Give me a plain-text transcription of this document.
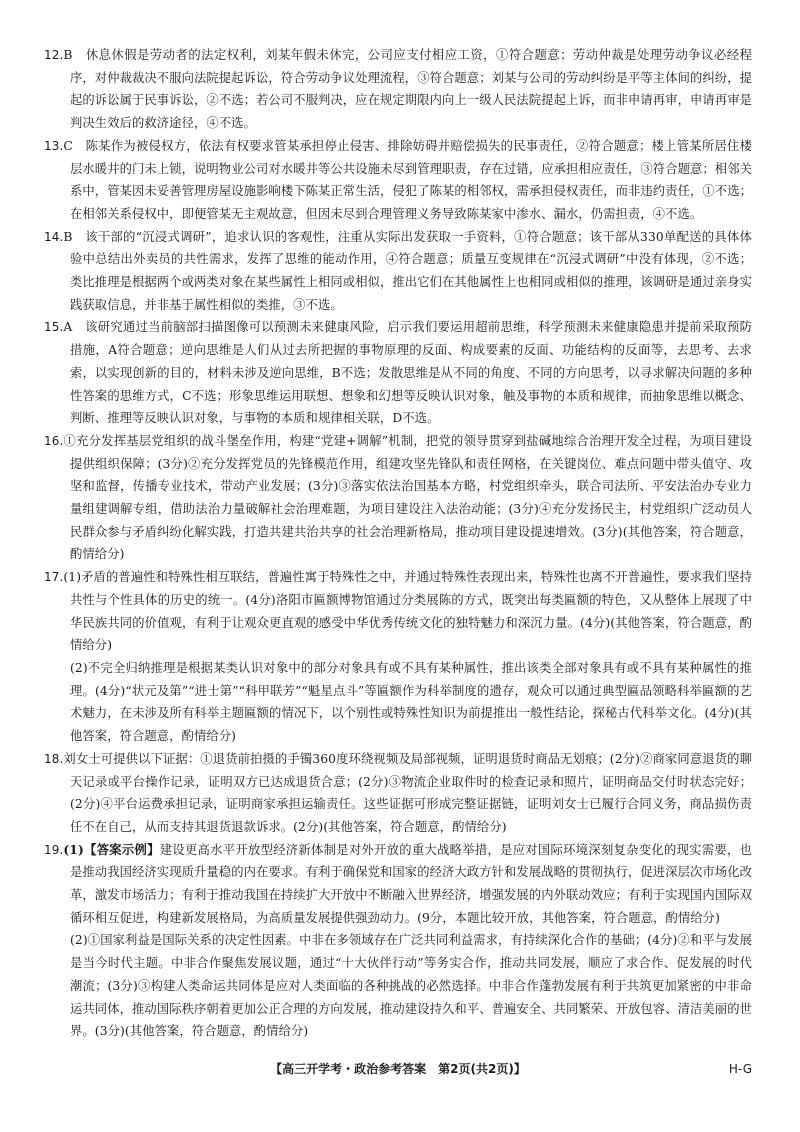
12.B　休息休假是劳动者的法定权利，刘某年假未休完，公司应支付相应工资，①符合题意；劳动仲裁是处理劳动争议必经程序，对仲裁裁决不服向法院提起诉讼，符合劳动争议处理流程，③符合题意；刘某与公司的劳动纠纷是平等主体间的纠纷，提起的诉讼属于民事诉讼，②不选；若公司不服判决，应在规定期限内向上一级人民法院提起上诉，而非申请再审，申请再审是判决生效后的救济途径，④不选。

13.C　陈某作为被侵权方，依法有权要求管某承担停止侵害、排除妨碍并赔偿损失的民事责任，②符合题意；楼上管某所居住楼层水暖井的门未上锁，说明物业公司对水暖井等公共设施未尽到管理职责，存在过错，应承担相应责任，③符合题意；相邻关系中，管某因未妥善管理房屋设施影响楼下陈某正常生活，侵犯了陈某的相邻权，需承担侵权责任，而非违约责任，①不选；在相邻关系侵权中，即便管某无主观故意，但因未尽到合理管理义务导致陈某家中渗水、漏水，仍需担责，④不选。

14.B　该干部的“沉浸式调研”，追求认识的客观性，注重从实际出发获取一手资料，①符合题意；该干部从330单配送的具体体验中总结出外卖员的共性需求，发挥了思维的能动作用，④符合题意；质量互变规律在“沉浸式调研”中没有体现，②不选；类比推理是根据两个或两类对象在某些属性上相同或相似，推出它们在其他属性上也相同或相似的推理，该调研是通过亲身实践获取信息，并非基于属性相似的类推，③不选。

15.A　该研究通过当前脑部扫描图像可以预测未来健康风险，启示我们要运用超前思维，科学预测未来健康隐患并提前采取预防措施，A符合题意；逆向思维是人们从过去所把握的事物原理的反面、构成要素的反面、功能结构的反面等，去思考、去求索，以实现创新的目的，材料未涉及逆向思维，B不选；发散思维是从不同的角度、不同的方向思考，以寻求解决问题的多种性答案的思维方式，C不选；形象思维运用联想、想象和幻想等反映认识对象，触及事物的本质和规律，而抽象思维以概念、判断、推理等反映认识对象，与事物的本质和规律相关联，D不选。

16.①充分发挥基层党组织的战斗堡垒作用，构建“党建+调解”机制，把党的领导贯穿到盐碱地综合治理开发全过程，为项目建设提供组织保障；(3分)②充分发挥党员的先锋模范作用，组建攻坚先锋队和责任网格，在关键岗位、难点问题中带头值守、攻坚和监督，传播专业技术，带动产业发展；(3分)③落实依法治国基本方略，村党组织牵头，联合司法所、平安法治办专业力量组建调解专组，借助法治力量破解社会治理难题，为项目建设注入法治动能；(3分)④充分发扬民主，村党组织广泛动员人民群众参与矛盾纠纷化解实践，打造共建共治共享的社会治理新格局，推动项目建设提速增效。(3分)(其他答案，符合题意，酌情给分)

17.(1)矛盾的普遍性和特殊性相互联结，普遍性寓于特殊性之中，并通过特殊性表现出来，特殊性也离不开普遍性，要求我们坚持共性与个性具体的历史的统一。(4分)洛阳市匾额博物馆通过分类展陈的方式，既突出每类匾额的特色，又从整体上展现了中华民族共同的价值观，有利于让观众更直观的感受中华优秀传统文化的独特魅力和深沉力量。(4分)(其他答案，符合题意，酌情给分)

(2)不完全归纳推理是根据某类认识对象中的部分对象具有或不具有某种属性，推出该类全部对象具有或不具有某种属性的推理。(4分)“状元及第”“进士第”“科甲联芳”“魁星点斗”等匾额作为科举制度的遗存，观众可以通过典型匾品领略科举匾额的艺术魅力，在未涉及所有科举主题匾额的情况下，以个别性或特殊性知识为前提推出一般性结论，探秘古代科举文化。(4分)(其他答案，符合题意，酌情给分)

18.刘女士可提供以下证据：①退货前拍摄的手镯360度环绕视频及局部视频，证明退货时商品无划痕；(2分)②商家同意退货的聊天记录或平台操作记录，证明双方已达成退货合意；(2分)③物流企业取件时的检查记录和照片，证明商品交付时状态完好；(2分)④平台运费承担记录，证明商家承担运输责任。这些证据可形成完整证据链，证明刘女士已履行合同义务，商品损伤责任不在自己，从而支持其退货退款诉求。(2分)(其他答案，符合题意，酌情给分)

19.(1)【答案示例】建设更高水平开放型经济新体制是对外开放的重大战略举措，是应对国际环境深刻复杂变化的现实需要，也是推动我国经济实现质升量稳的内在要求。有利于确保党和国家的经济大政方针和发展战略的贯彻执行，促进深层次市场化改革，激发市场活力；有利于推动我国在持续扩大开放中不断融入世界经济，增强发展的内外联动效应；有利于实现国内国际双循环相互促进，构建新发展格局，为高质量发展提供强劲动力。(9分，本题比较开放，其他答案，符合题意，酌情给分)

(2)①国家利益是国际关系的决定性因素。中非在多领域存在广泛共同利益需求，有持续深化合作的基础；(4分)②和平与发展是当今时代主题。中非合作聚焦发展议题，通过“十大伙伴行动”等务实合作，推动共同发展，顺应了求合作、促发展的时代潮流；(3分)③构建人类命运共同体是应对人类面临的各种挑战的必然选择。中非合作蓬勃发展有利于共筑更加紧密的中非命运共同体，推动国际秩序朝着更加公正合理的方向发展，推动建设持久和平、普遍安全、共同繁荣、开放包容、清洁美丽的世界。(3分)(其他答案，符合题意，酌情给分)

【高三开学考・政治参考答案　第2页(共2页)】	H-G
